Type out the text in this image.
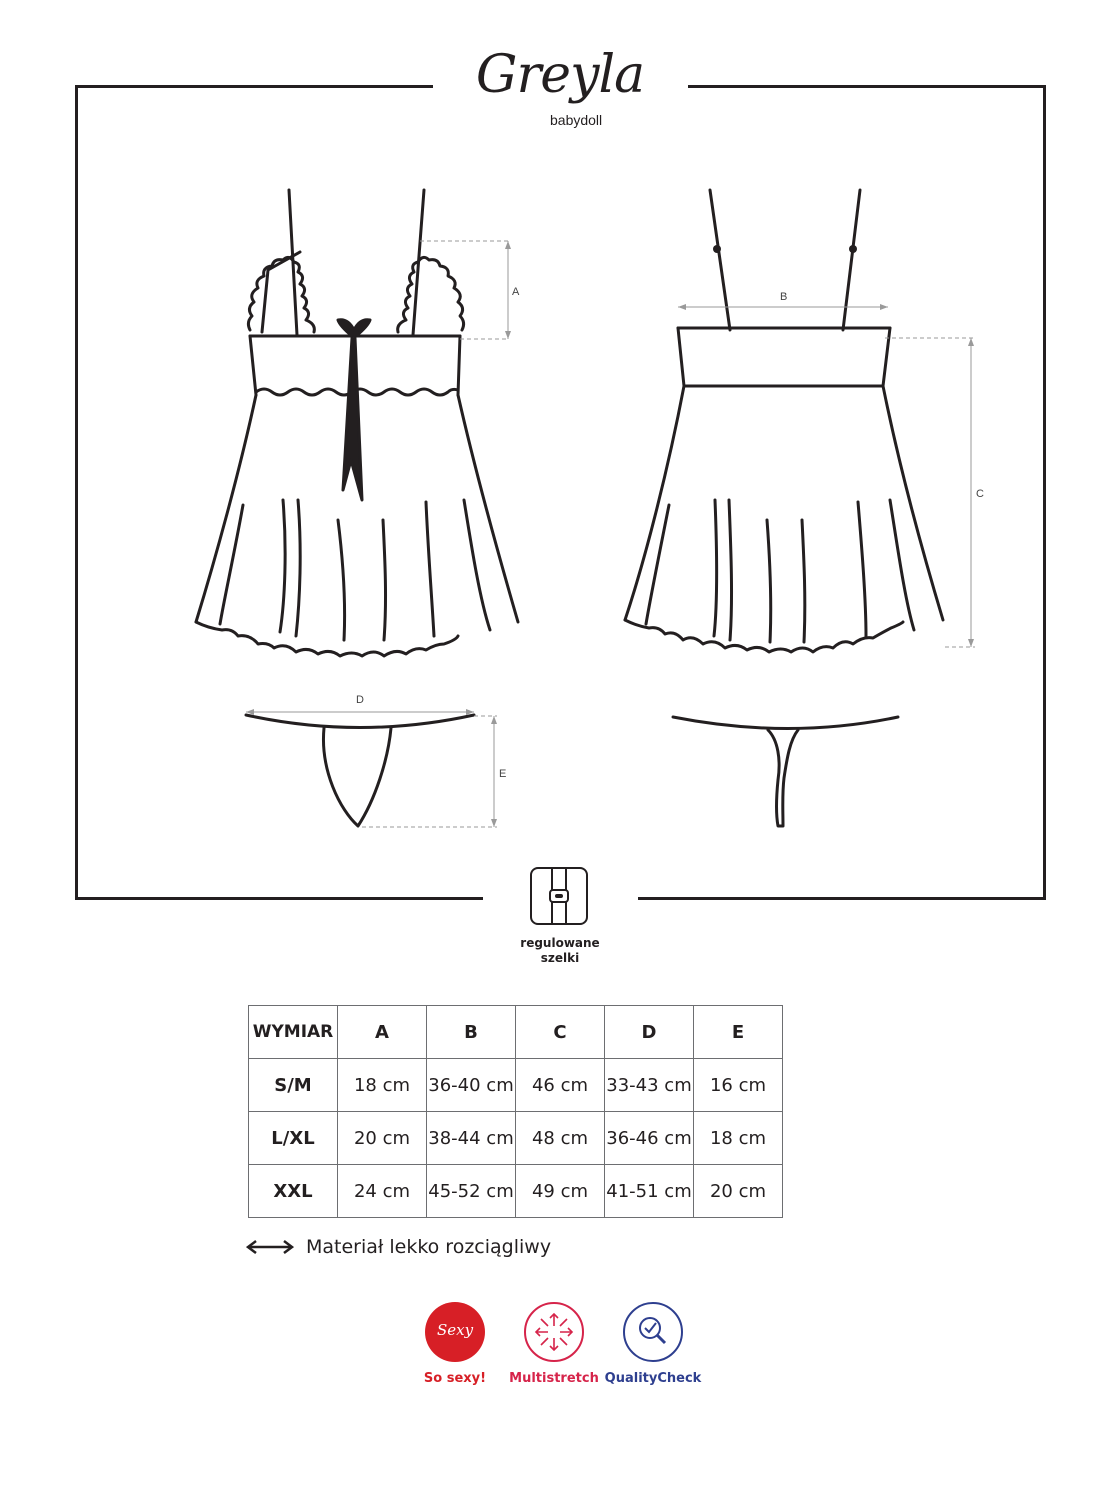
Greyla
babydoll
A	B
C
D
E
regulowane
szelki
WYMIAR	A	B	C	D	E
S/M	18 cm	36-40 cm	46 cm	33-43 cm	16 cm
L/XL	20 cm	38-44 cm	48 cm	36-46 cm	18 cm
XXL	24 cm	45-52 cm	49 cm	41-51 cm	20 cm
Materiał lekko rozciągliwy
Sexy
So sexy!	Multistretch QualityCheck
